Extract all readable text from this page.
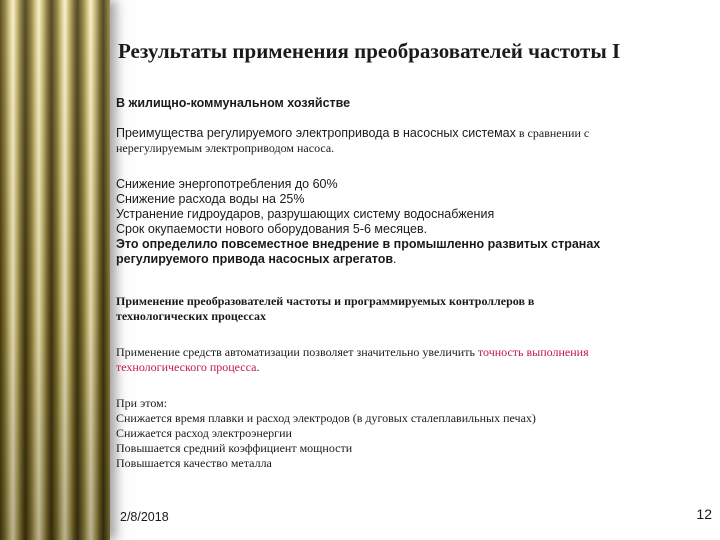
Результаты применения преобразователей частоты I

В жилищно-коммунальном хозяйстве

Преимущества регулируемого электропривода в насосных системах в сравнении с
нерегулируемым электроприводом насоса.

Снижение энергопотребления до 60%
Снижение расхода воды на 25%
Устранение гидроударов, разрушающих систему водоснабжения
Срок окупаемости нового оборудования 5-6 месяцев.
Это определило повсеместное внедрение в промышленно развитых странах
регулируемого привода насосных агрегатов.

Применение преобразователей частоты и программируемых контроллеров в
технологических процессах

Применение средств автоматизации позволяет значительно увеличить точность выполнения
технологического процесса.

При этом:
Снижается время плавки и расход электродов (в дуговых сталеплавильных печах)
Снижается расход электроэнергии
Повышается средний коэффициент мощности
Повышается качество металла

2/8/2018	12
